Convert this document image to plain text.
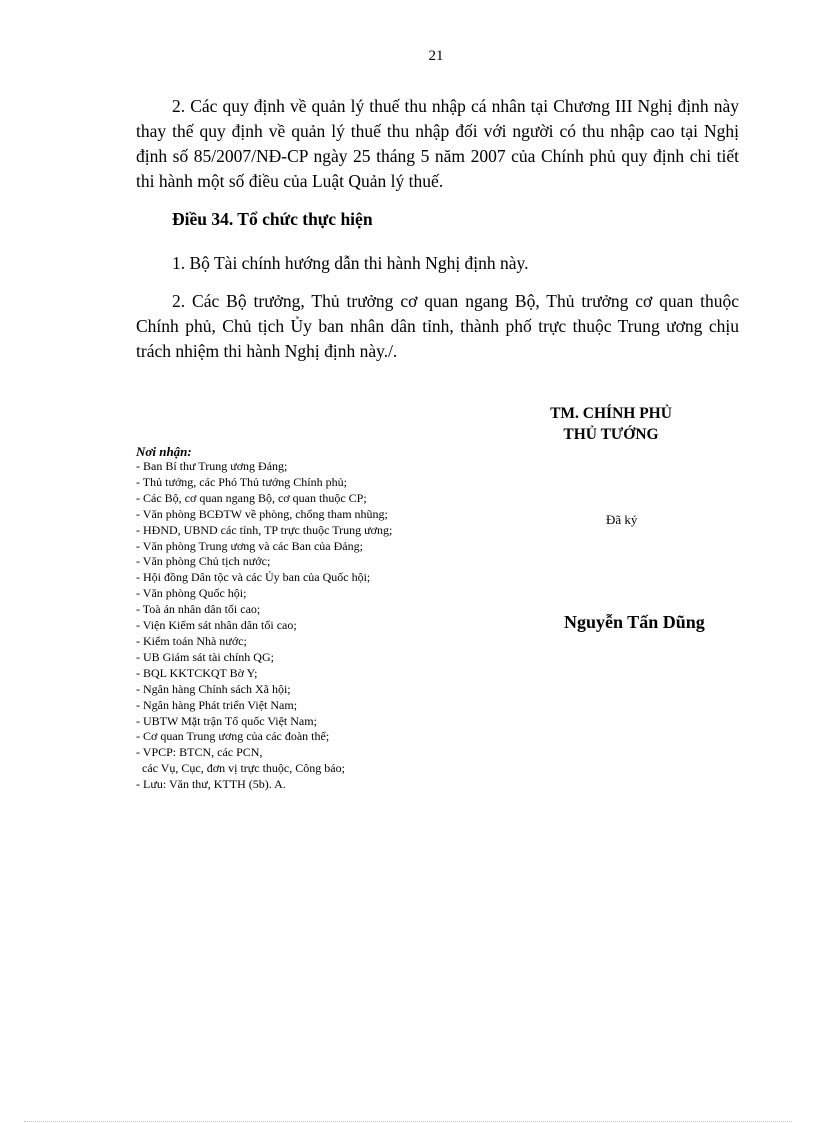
21

2. Các quy định về quản lý thuế thu nhập cá nhân tại Chương III Nghị định này thay thế quy định về quản lý thuế thu nhập đối với người có thu nhập cao tại Nghị định số 85/2007/NĐ-CP ngày 25 tháng 5 năm 2007 của Chính phủ quy định chi tiết thi hành một số điều của Luật Quản lý thuế.

Điều 34. Tổ chức thực hiện

1. Bộ Tài chính hướng dẫn thi hành Nghị định này.

2. Các Bộ trưởng, Thủ trưởng cơ quan ngang Bộ, Thủ trưởng cơ quan thuộc Chính phủ, Chủ tịch Ủy ban nhân dân tỉnh, thành phố trực thuộc Trung ương chịu trách nhiệm thi hành Nghị định này./.

TM. CHÍNH PHỦ
THỦ TƯỚNG
Đã ký
Nguyễn Tấn Dũng
Nơi nhận:
- Ban Bí thư Trung ương Đảng;
- Thủ tướng, các Phó Thủ tướng Chính phủ;
- Các Bộ, cơ quan ngang Bộ, cơ quan thuộc CP;
- Văn phòng BCĐTW về phòng, chống tham nhũng;
- HĐND, UBND các tỉnh, TP trực thuộc Trung ương;
- Văn phòng Trung ương và các Ban của Đảng;
- Văn phòng Chủ tịch nước;
- Hội đồng Dân tộc và các Ủy ban của Quốc hội;
- Văn phòng Quốc hội;
- Toà án nhân dân tối cao;
- Viện Kiểm sát nhân dân tối cao;
- Kiểm toán Nhà nước;
- UB Giám sát tài chính QG;
- BQL KKTCKQT Bờ Y;
- Ngân hàng Chính sách Xã hội;
- Ngân hàng Phát triển Việt Nam;
- UBTW Mặt trận Tổ quốc Việt Nam;
- Cơ quan Trung ương của các đoàn thể;
- VPCP: BTCN, các PCN,
các Vụ, Cục, đơn vị trực thuộc, Công báo;
- Lưu: Văn thư, KTTH (5b). A.
